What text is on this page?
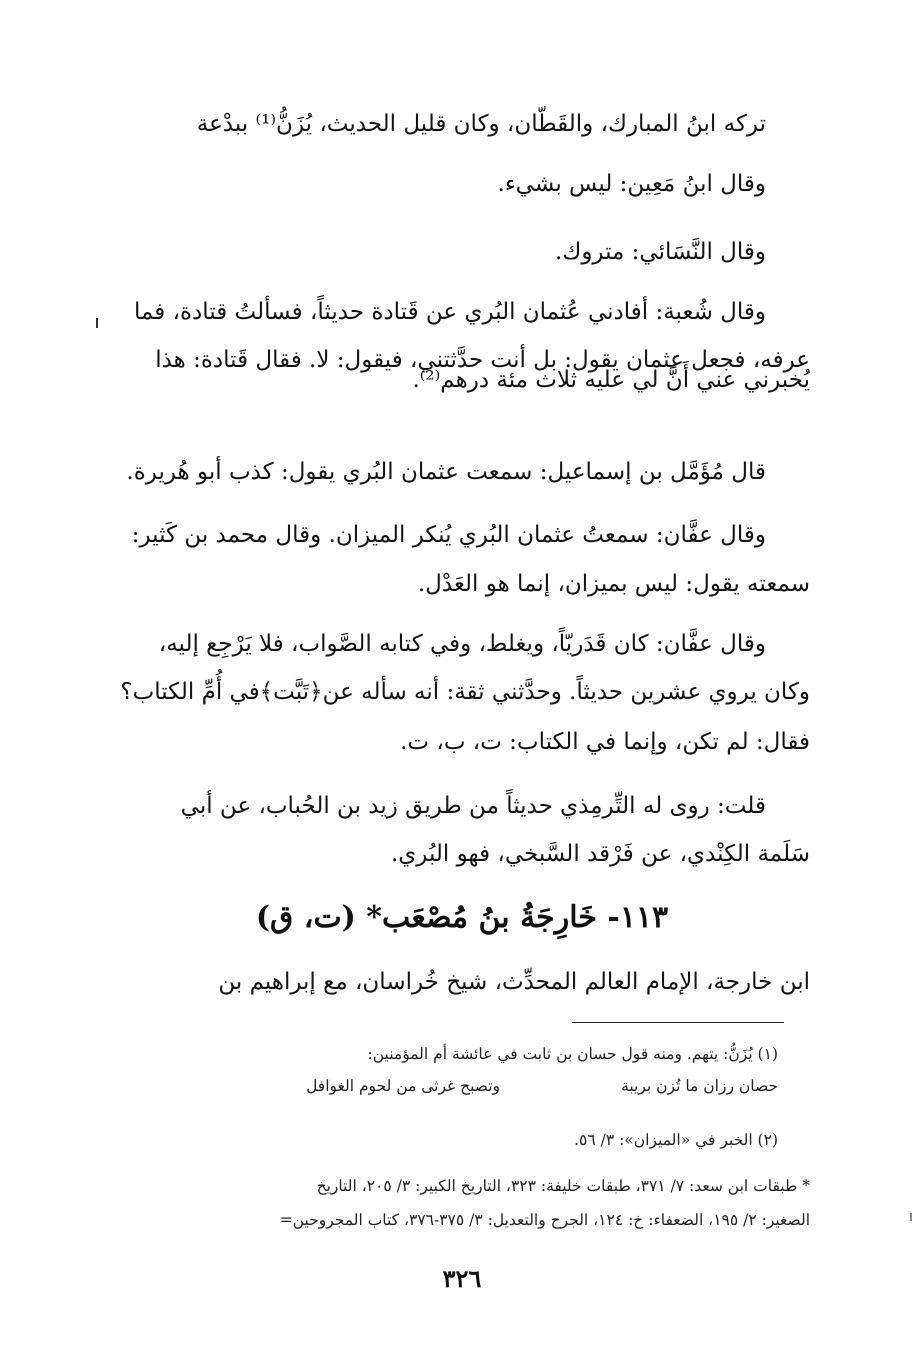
تركه ابنُ المبارك، والقَطّان، وكان قليل الحديث، يُزَنُّ⁽¹⁾ ببدْعة
وقال ابنُ مَعِين: ليس بشيء.
وقال النَّسَائي: متروك.
وقال شُعبة: أفادني عُثمان البُري عن قَتادة حديثاً، فسألتُ قتادة، فما
عرفه، فجعل عثمان يقول: بل أنت حدَّثتني، فيقول: لا. فقال قَتادة: هذا
يُخبرني عني أَنَّ لي عليه ثلاث مئة درهم⁽²⁾.
قال مُؤَمَّل بن إسماعيل: سمعت عثمان البُري يقول: كذب أبو هُريرة.
وقال عفَّان: سمعتُ عثمان البُري يُنكر الميزان. وقال محمد بن كَثير:
سمعته يقول: ليس بميزان، إنما هو العَدْل.
وقال عفَّان: كان قَدَريّاً، ويغلط، وفي كتابه الصَّواب، فلا يَرْجِع إليه،
وكان يروي عشرين حديثاً. وحدَّثني ثقة: أنه سأله عن﴿تَبَّت﴾في أُمِّ الكتاب؟
فقال: لم تكن، وإنما في الكتاب: ت، ب، ت.
قلت: روى له التِّرمِذي حديثاً من طريق زيد بن الحُباب، عن أبي
سَلَمة الكِنْدي، عن فَرْقد السَّبخي، فهو البُري.
١١٣- خَارِجَةُ بنُ مُصْعَب* (ت، ق)
ابن خارجة، الإمام العالم المحدِّث، شيخ خُراسان، مع إبراهيم بن
(١) يُزَنُّ: يتهم. ومنه قول حسان بن ثابت في عائشة أم المؤمنين:
حصان رزان ما تُزن بريبة
وتصبح غرثى من لحوم الغوافل
(٢) الخبر في «الميزان»: ٣/ ٥٦.
* طبقات ابن سعد: ٧/ ٣٧١، طبقات خليفة: ٣٢٣، التاريخ الكبير: ٣/ ٢٠٥، التاريخ
الصغير: ٢/ ١٩٥، الضعفاء: خ: ١٢٤، الجرح والتعديل: ٣/ ٣٧٥-٣٧٦، كتاب المجروحين=
٣٢٦
